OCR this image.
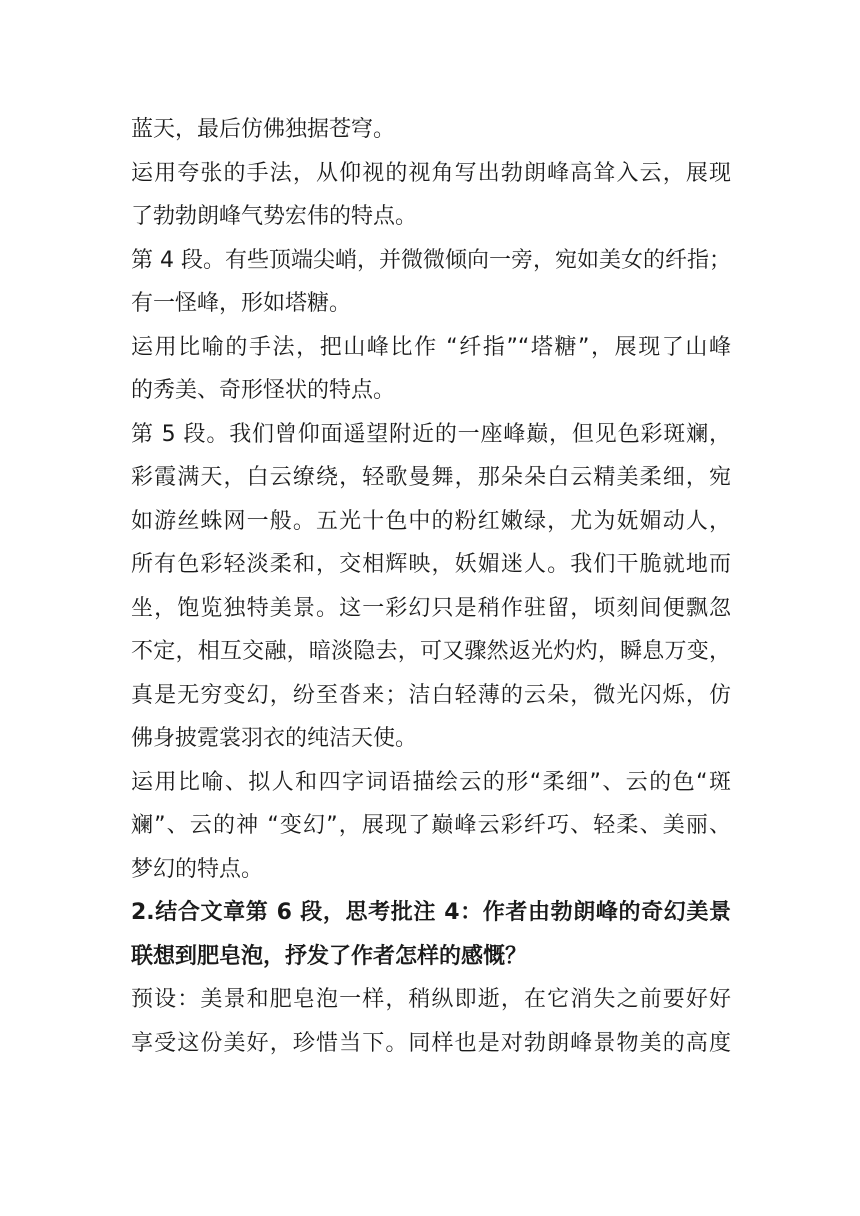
蓝天，最后仿佛独据苍穹。
运用夸张的手法，从仰视的视角写出勃朗峰高耸入云，展现
了勃勃朗峰气势宏伟的特点。
第 4 段。有些顶端尖峭，并微微倾向一旁，宛如美女的纤指；
有一怪峰，形如塔糖。
运用比喻的手法，把山峰比作 “纤指”“塔糖”，展现了山峰
的秀美、奇形怪状的特点。
第 5 段。我们曾仰面遥望附近的一座峰巅，但见色彩斑斓，
彩霞满天，白云缭绕，轻歌曼舞，那朵朵白云精美柔细，宛
如游丝蛛网一般。五光十色中的粉红嫩绿，尤为妩媚动人，
所有色彩轻淡柔和，交相辉映，妖媚迷人。我们干脆就地而
坐，饱览独特美景。这一彩幻只是稍作驻留，顷刻间便飘忽
不定，相互交融，暗淡隐去，可又骤然返光灼灼，瞬息万变，
真是无穷变幻，纷至沓来；洁白轻薄的云朵，微光闪烁，仿
佛身披霓裳羽衣的纯洁天使。
运用比喻、拟人和四字词语描绘云的形“柔细”、云的色“斑
斓”、云的神 “变幻”，展现了巅峰云彩纤巧、轻柔、美丽、
梦幻的特点。
2.结合文章第 6 段，思考批注 4：作者由勃朗峰的奇幻美景
联想到肥皂泡，抒发了作者怎样的感慨？
预设：美景和肥皂泡一样，稍纵即逝，在它消失之前要好好
享受这份美好，珍惜当下。同样也是对勃朗峰景物美的高度
